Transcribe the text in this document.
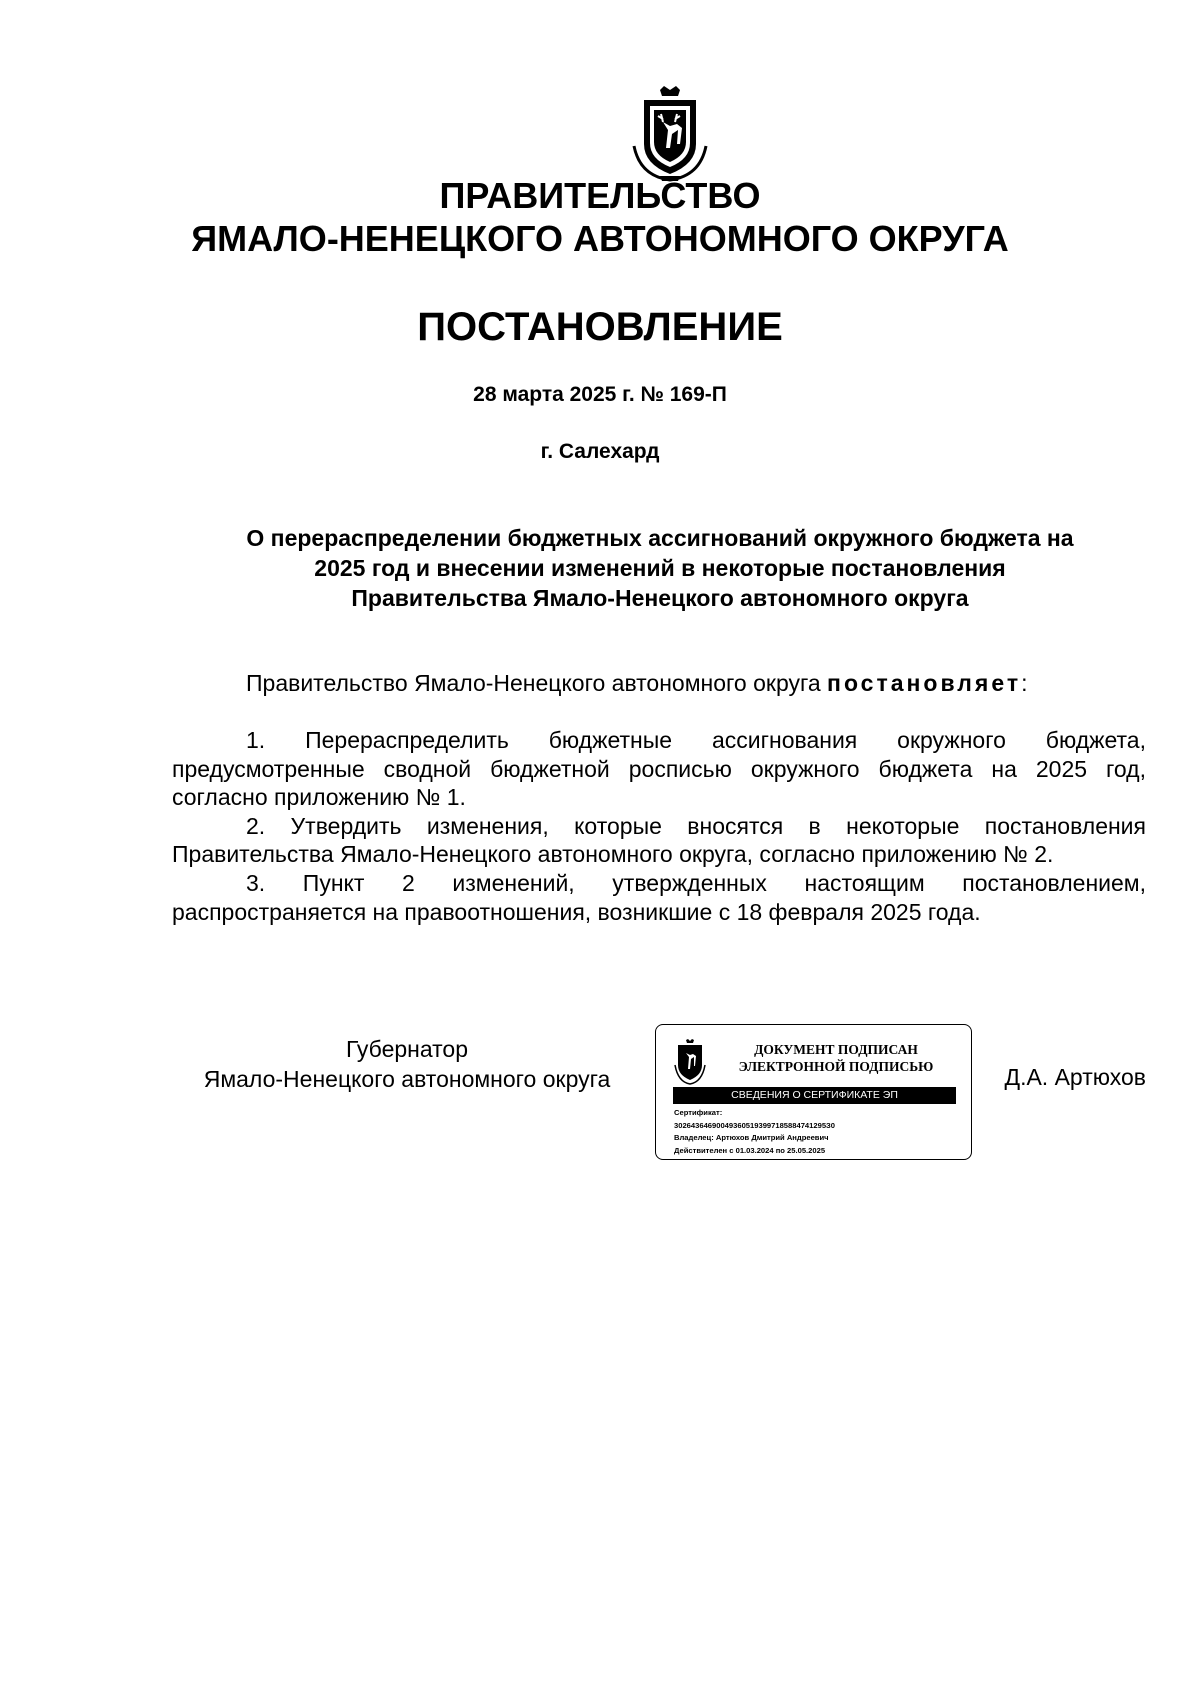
ПРАВИТЕЛЬСТВО
ЯМАЛО-НЕНЕЦКОГО АВТОНОМНОГО ОКРУГА
ПОСТАНОВЛЕНИЕ
28 марта 2025 г. № 169-П
г. Салехард
О перераспределении бюджетных ассигнований окружного бюджета на
2025 год и внесении изменений в некоторые постановления
Правительства Ямало-Ненецкого автономного округа
Правительство Ямало-Ненецкого автономного округа постановляет:

1. Перераспределить бюджетные ассигнования окружного бюджета, предусмотренные сводной бюджетной росписью окружного бюджета на 2025 год, согласно приложению № 1.

2. Утвердить изменения, которые вносятся в некоторые постановления Правительства Ямало-Ненецкого автономного округа, согласно приложению № 2.

3. Пункт 2 изменений, утвержденных настоящим постановлением, распространяется на правоотношения, возникшие с 18 февраля 2025 года.

Губернатор
Ямало-Ненецкого автономного округа	Д.А. Артюхов
ДОКУМЕНТ ПОДПИСАН
ЭЛЕКТРОННОЙ ПОДПИСЬЮ
СВЕДЕНИЯ О СЕРТИФИКАТЕ ЭП
Сертификат:
302643646900493605193997185884741295З0
Владелец: Артюхов Дмитрий Андреевич
Действителен с 01.03.2024 по 25.05.2025
